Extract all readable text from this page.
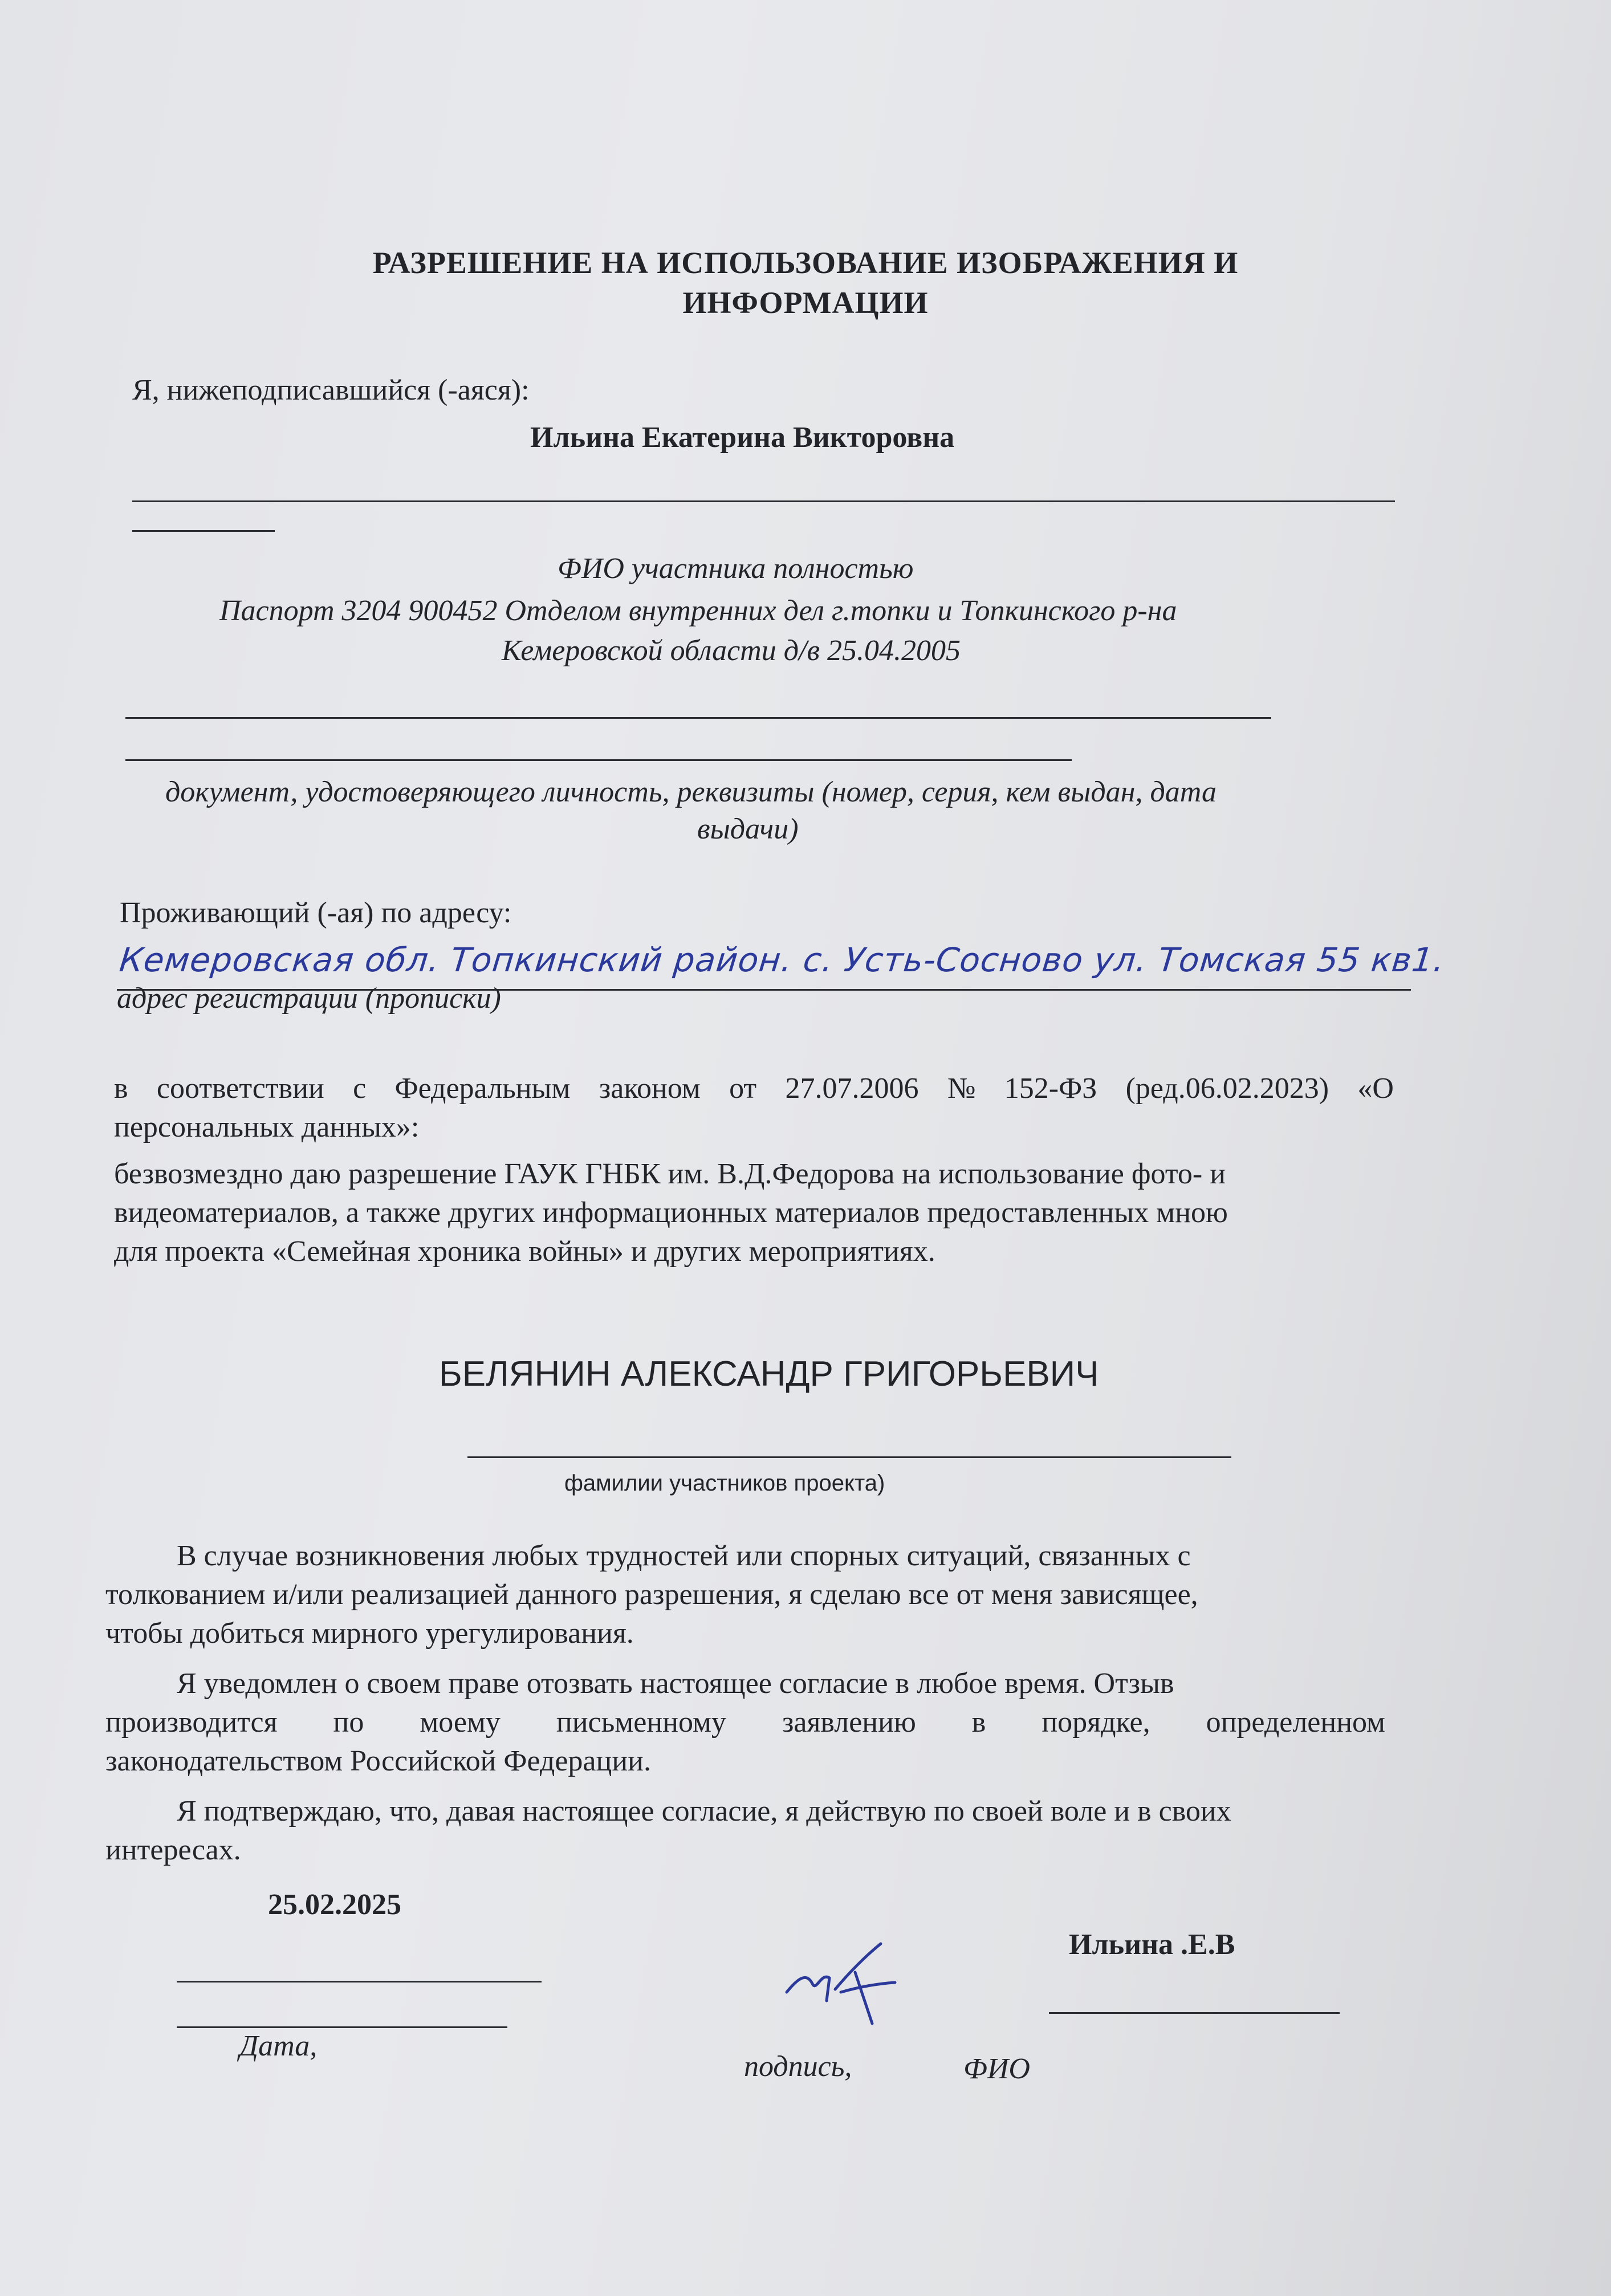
РАЗРЕШЕНИЕ НА ИСПОЛЬЗОВАНИЕ ИЗОБРАЖЕНИЯ И
ИНФОРМАЦИИ
Я, нижеподписавшийся (-аяся):
Ильина Екатерина Викторовна
ФИО участника полностью
Паспорт 3204 900452 Отделом внутренних дел г.топки и Топкинского р-на
Кемеровской области д/в 25.04.2005
документ, удостоверяющего личность, реквизиты (номер, серия, кем выдан, дата
выдачи)
Проживающий (-ая) по адресу:
Кемеровская обл. Топкинский район. с. Усть-Сосново ул. Томская 55 кв1.
адрес регистрации (прописки)
в соответствии с Федеральным законом от 27.07.2006 № 152-ФЗ (ред.06.02.2023) «О
персональных данных»:
безвозмездно даю разрешение ГАУК ГНБК им. В.Д.Федорова на использование фото- и
видеоматериалов, а также других информационных материалов предоставленных мною
для проекта «Семейная хроника войны» и других мероприятиях.
БЕЛЯНИН АЛЕКСАНДР ГРИГОРЬЕВИЧ
фамилии участников проекта)
В случае возникновения любых трудностей или спорных ситуаций, связанных с
толкованием и/или реализацией данного разрешения, я сделаю все от меня зависящее,
чтобы добиться мирного урегулирования.
Я уведомлен о своем праве отозвать настоящее согласие в любое время. Отзыв
производится по моему письменному заявлению в порядке, определенном
законодательством Российской Федерации.
Я подтверждаю, что, давая настоящее согласие, я действую по своей воле и в своих
интересах.
25.02.2025
Дата,
подпись,
Ильина .Е.В
ФИО
